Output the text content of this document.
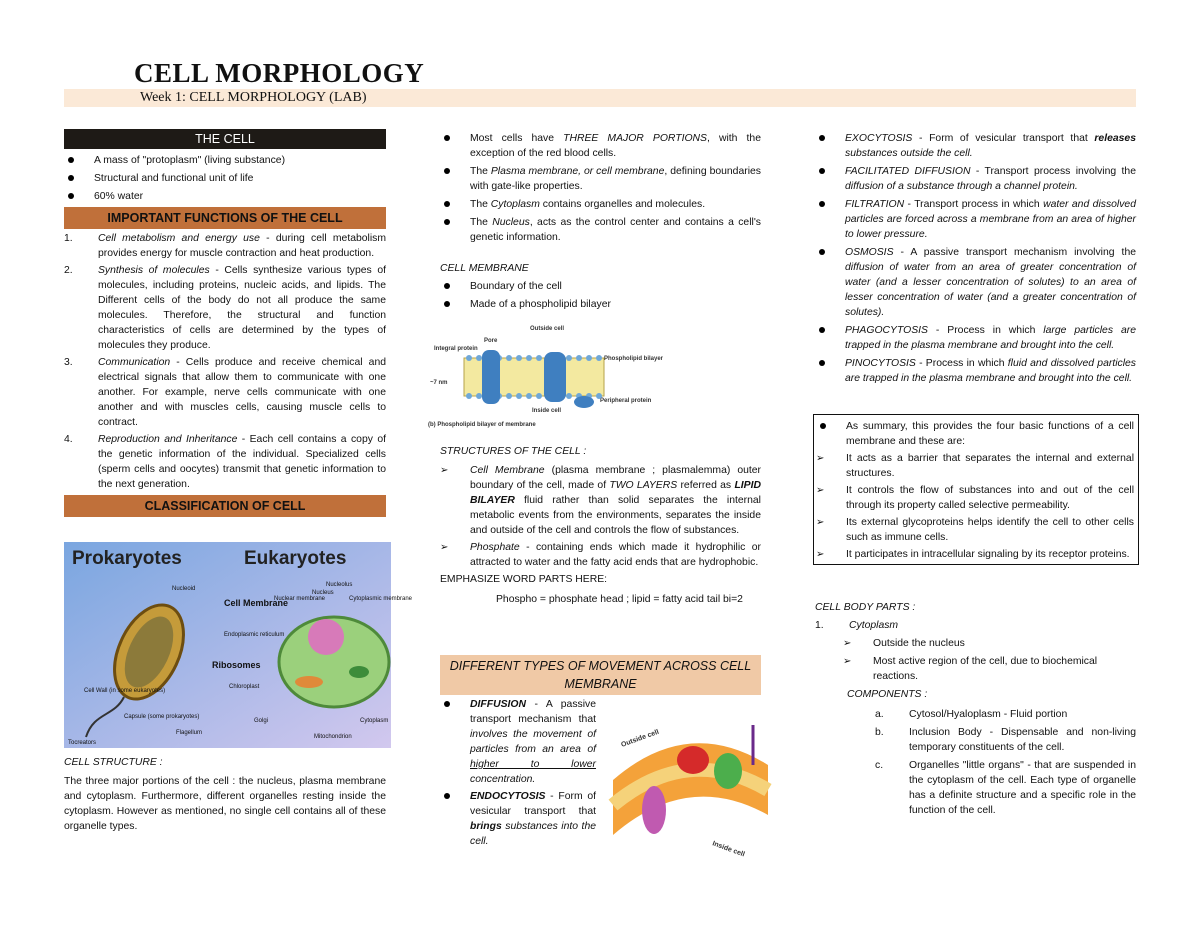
CELL MORPHOLOGY
Week 1: CELL MORPHOLOGY (LAB)
THE CELL
A mass of "protoplasm" (living substance)
Structural and functional unit of life
60% water
IMPORTANT FUNCTIONS OF THE CELL
1.	Cell metabolism and energy use - during cell metabolism provides energy for muscle contraction and heat production.

2.	Synthesis of molecules - Cells synthesize various types of molecules, including proteins, nucleic acids, and lipids. The Different cells of the body do not all produce the same molecules. Therefore, the structural and function characteristics of cells are determined by the types of molecules they produce.

3.	Communication - Cells produce and receive chemical and electrical signals that allow them to communicate with one another. For example, nerve cells communicate with one another and with muscles cells, causing muscle cells to contract.

4.	Reproduction and Inheritance - Each cell contains a copy of the genetic information of the individual. Specialized cells (sperm cells and oocytes) transmit that genetic information to the next generation.

CLASSIFICATION OF CELL
Prokaryotes	Eukaryotes
Nucleoid
Cell Membrane
Nuclear membrane
Nucleus
Nucleolus
Cytoplasmic membrane
Endoplasmic reticulum
Ribosomes
Chloroplast
Cell Wall (in some eukaryotes)
Capsule (some prokaryotes)
Flagellum
Golgi
Mitochondrion
Cytoplasm
Tocreators

CELL STRUCTURE :

The three major portions of the cell : the nucleus, plasma membrane and cytoplasm. Furthermore, different organelles resting inside the cytoplasm. However as mentioned, no single cell contains all of these organelle types.

Most cells have THREE MAJOR PORTIONS, with the exception of the red blood cells.

The Plasma membrane, or cell membrane, defining boundaries with gate-like properties.

The Cytoplasm contains organelles and molecules.

The Nucleus, acts as the control center and contains a cell's genetic information.

CELL MEMBRANE

Boundary of the cell
Made of a phospholipid bilayer
Outside cell
Pore
Integral protein
Phospholipid bilayer
~7 nm
Inside cell
Peripheral protein
(b) Phospholipid bilayer of membrane

STRUCTURES OF THE CELL :

➢	Cell Membrane (plasma membrane ; plasmalemma) outer boundary of the cell, made of TWO LAYERS referred as LIPID BILAYER fluid rather than solid separates the internal metabolic events from the environments, separates the inside and outside of the cell and controls the flow of substances.

➢	Phosphate - containing ends which made it hydrophilic or attracted to water and the fatty acid ends that are hydrophobic.

EMPHASIZE WORD PARTS HERE:

Phospho = phosphate head ; lipid = fatty acid tail bi=2

DIFFERENT TYPES OF MOVEMENT ACROSS CELL MEMBRANE

DIFFUSION - A passive transport mechanism that involves the movement of particles from an area of higher to lower concentration.

ENDOCYTOSIS - Form of vesicular transport that brings substances into the cell.

Outside cell
Inside cell

EXOCYTOSIS - Form of vesicular transport that releases substances outside the cell.

FACILITATED DIFFUSION - Transport process involving the diffusion of a substance through a channel protein.

FILTRATION - Transport process in which water and dissolved particles are forced across a membrane from an area of higher to lower pressure.

OSMOSIS - A passive transport mechanism involving the diffusion of water from an area of greater concentration of water (and a lesser concentration of solutes) to an area of lesser concentration of water (and a greater concentration of solutes).

PHAGOCYTOSIS - Process in which large particles are trapped in the plasma membrane and brought into the cell.

PINOCYTOSIS - Process in which fluid and dissolved particles are trapped in the plasma membrane and brought into the cell.

As summary, this provides the four basic functions of a cell membrane and these are:

➢	It acts as a barrier that separates the internal and external structures.

➢	It controls the flow of substances into and out of the cell through its property called selective permeability.

➢	Its external glycoproteins helps identify the cell to other cells such as immune cells.

➢	It participates in intracellular signaling by its receptor proteins.

CELL BODY PARTS :

1.	Cytoplasm
➢	Outside the nucleus

➢	Most active region of the cell, due to biochemical reactions.

COMPONENTS :

a.	Cytosol/Hyaloplasm - Fluid portion

b.	Inclusion Body - Dispensable and non-living temporary constituents of the cell.

c.	Organelles "little organs" - that are suspended in the cytoplasm of the cell. Each type of organelle has a definite structure and a specific role in the function of the cell.
